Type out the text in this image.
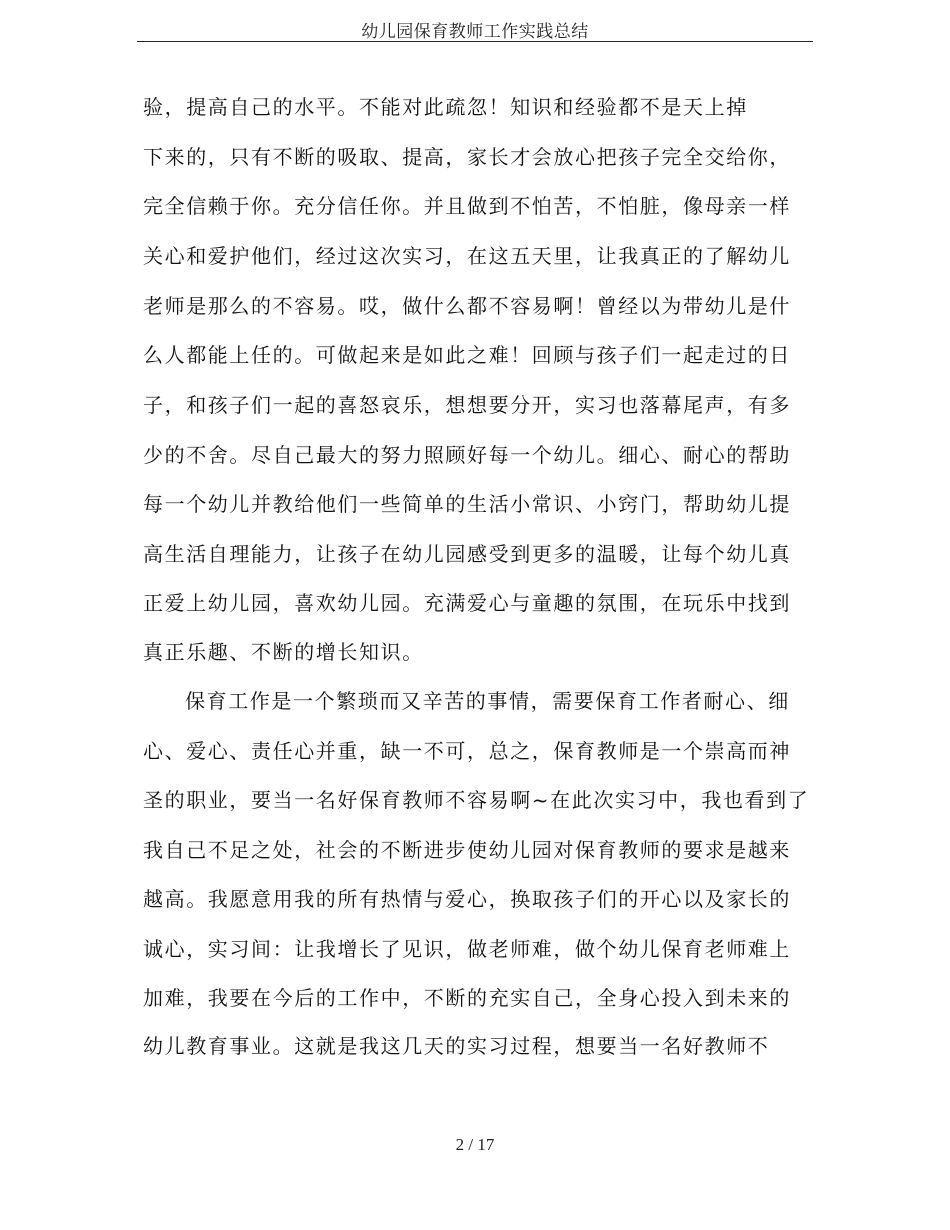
幼儿园保育教师工作实践总结
验，提高自己的水平。不能对此疏忽！知识和经验都不是天上掉
下来的，只有不断的吸取、提高，家长才会放心把孩子完全交给你，
完全信赖于你。充分信任你。并且做到不怕苦，不怕脏，像母亲一样
关心和爱护他们，经过这次实习，在这五天里，让我真正的了解幼儿
老师是那么的不容易。哎，做什么都不容易啊！曾经以为带幼儿是什
么人都能上任的。可做起来是如此之难！回顾与孩子们一起走过的日
子，和孩子们一起的喜怒哀乐，想想要分开，实习也落幕尾声，有多
少的不舍。尽自己最大的努力照顾好每一个幼儿。细心、耐心的帮助
每一个幼儿并教给他们一些简单的生活小常识、小窍门，帮助幼儿提
高生活自理能力，让孩子在幼儿园感受到更多的温暖，让每个幼儿真
正爱上幼儿园，喜欢幼儿园。充满爱心与童趣的氛围，在玩乐中找到
真正乐趣、不断的增长知识。
保育工作是一个繁琐而又辛苦的事情，需要保育工作者耐心、细
心、爱心、责任心并重，缺一不可，总之，保育教师是一个崇高而神
圣的职业，要当一名好保育教师不容易啊~在此次实习中，我也看到了
我自己不足之处，社会的不断进步使幼儿园对保育教师的要求是越来
越高。我愿意用我的所有热情与爱心，换取孩子们的开心以及家长的
诚心，实习间：让我增长了见识，做老师难，做个幼儿保育老师难上
加难，我要在今后的工作中，不断的充实自己，全身心投入到未来的
幼儿教育事业。这就是我这几天的实习过程，想要当一名好教师不
2 / 17
